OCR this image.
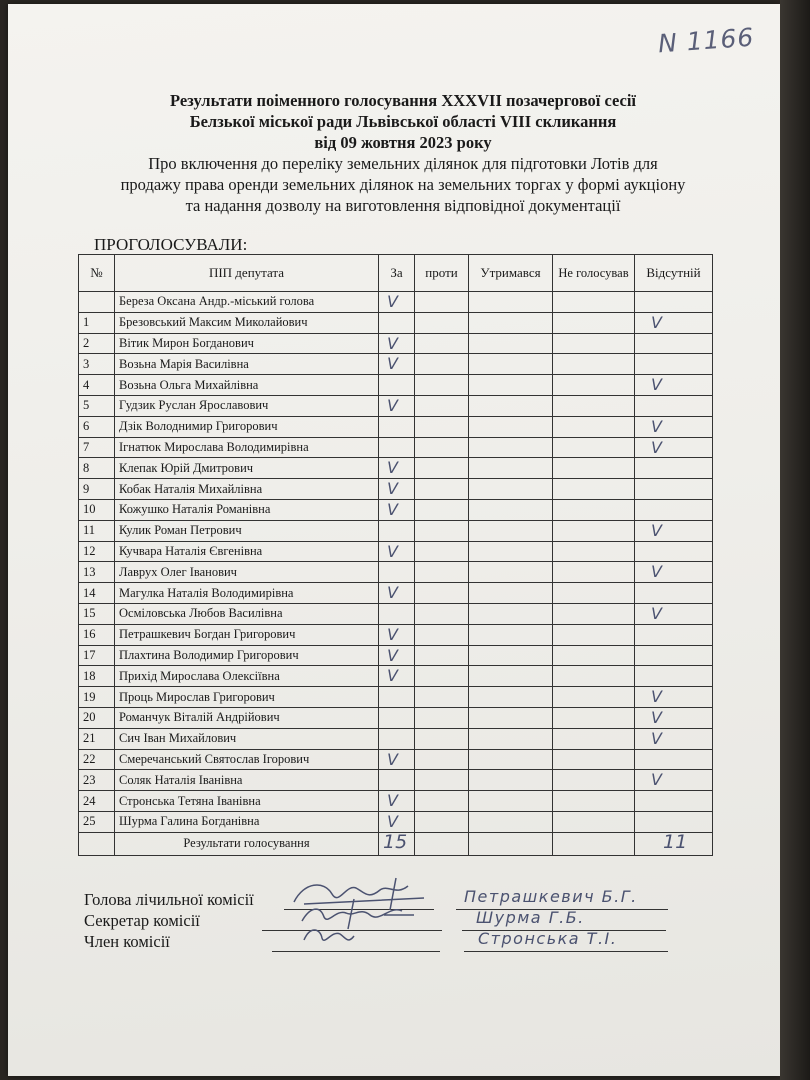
N 1166
Результати поіменного голосування XXXVII позачергової сесії
Белзької міської ради Львівської області VIII скликання
від 09 жовтня 2023 року
Про включення до переліку земельних ділянок для підготовки Лотів для
продажу права оренди земельних ділянок на земельних торгах у формі аукціону
та надання дозволу на виготовлення відповідної документації
ПРОГОЛОСУВАЛИ:
№	ПІП депутата	За	проти	Утримався	Не голосував	Відсутній
	Береза Оксана Андр.-міський голова	V				

1	Брезовський Максим Миколайович					V

2	Вітик Мирон Богданович	V				

3	Возьна Марія Василівна	V				

4	Возьна Ольга Михайлівна					V

5	Гудзик Руслан Ярославович	V				

6	Дзік Володнимир Григорович					V

7	Ігнатюк Мирослава Володимирівна					V

8	Клепак Юрій Дмитрович	V				

9	Кобак Наталія Михайлівна	V				

10	Кожушко Наталія Романівна	V				

11	Кулик Роман Петрович					V

12	Кучвара Наталія Євгенівна	V				

13	Лаврух Олег Іванович					V

14	Магулка Наталія Володимирівна	V				

15	Осміловська Любов Василівна					V

16	Петрашкевич Богдан Григорович	V				

17	Плахтина Володимир Григорович	V				

18	Прихід Мирослава Олексіївна	V				

19	Проць Мирослав Григорович					V

20	Романчук Віталій Андрійович					V

21	Сич Іван Михайлович					V

22	Смеречанський Святослав Ігорович	V				

23	Соляк Наталія Іванівна					V

24	Стронська Тетяна Іванівна	V				

25	Шурма Галина Богданівна	V				

	Результати голосування	15				11
Голова лічильної комісії	Петрашкевич Б.Г.
Секретар комісії	Шурма Г.Б.
Член комісії	Стронська Т.І.
